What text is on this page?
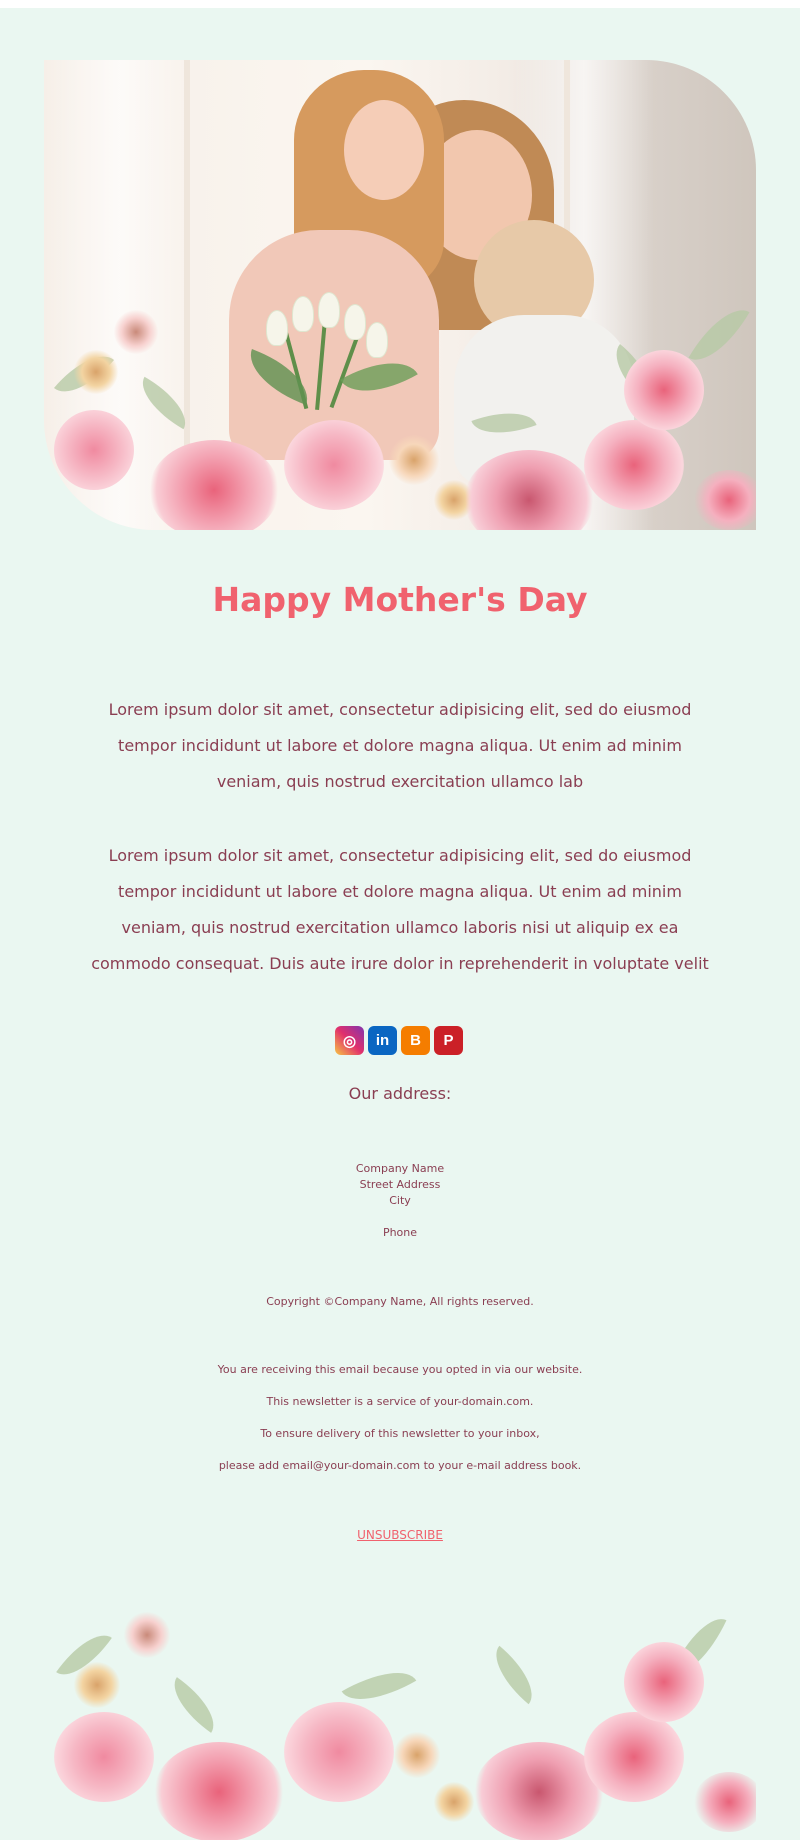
Happy Mother's Day
Lorem ipsum dolor sit amet, consectetur adipisicing elit, sed do eiusmod tempor incididunt ut labore et dolore magna aliqua. Ut enim ad minim veniam, quis nostrud exercitation ullamco lab
Lorem ipsum dolor sit amet, consectetur adipisicing elit, sed do eiusmod tempor incididunt ut labore et dolore magna aliqua. Ut enim ad minim veniam, quis nostrud exercitation ullamco laboris nisi ut aliquip ex ea commodo consequat. Duis aute irure dolor in reprehenderit in voluptate velit
◎ in B P
Our address:
Company Name
Street Address
City
Phone
Copyright ©Company Name, All rights reserved.
You are receiving this email because you opted in via our website.
This newsletter is a service of your-domain.com.
To ensure delivery of this newsletter to your inbox,
please add email@your-domain.com to your e-mail address book.
UNSUBSCRIBE
